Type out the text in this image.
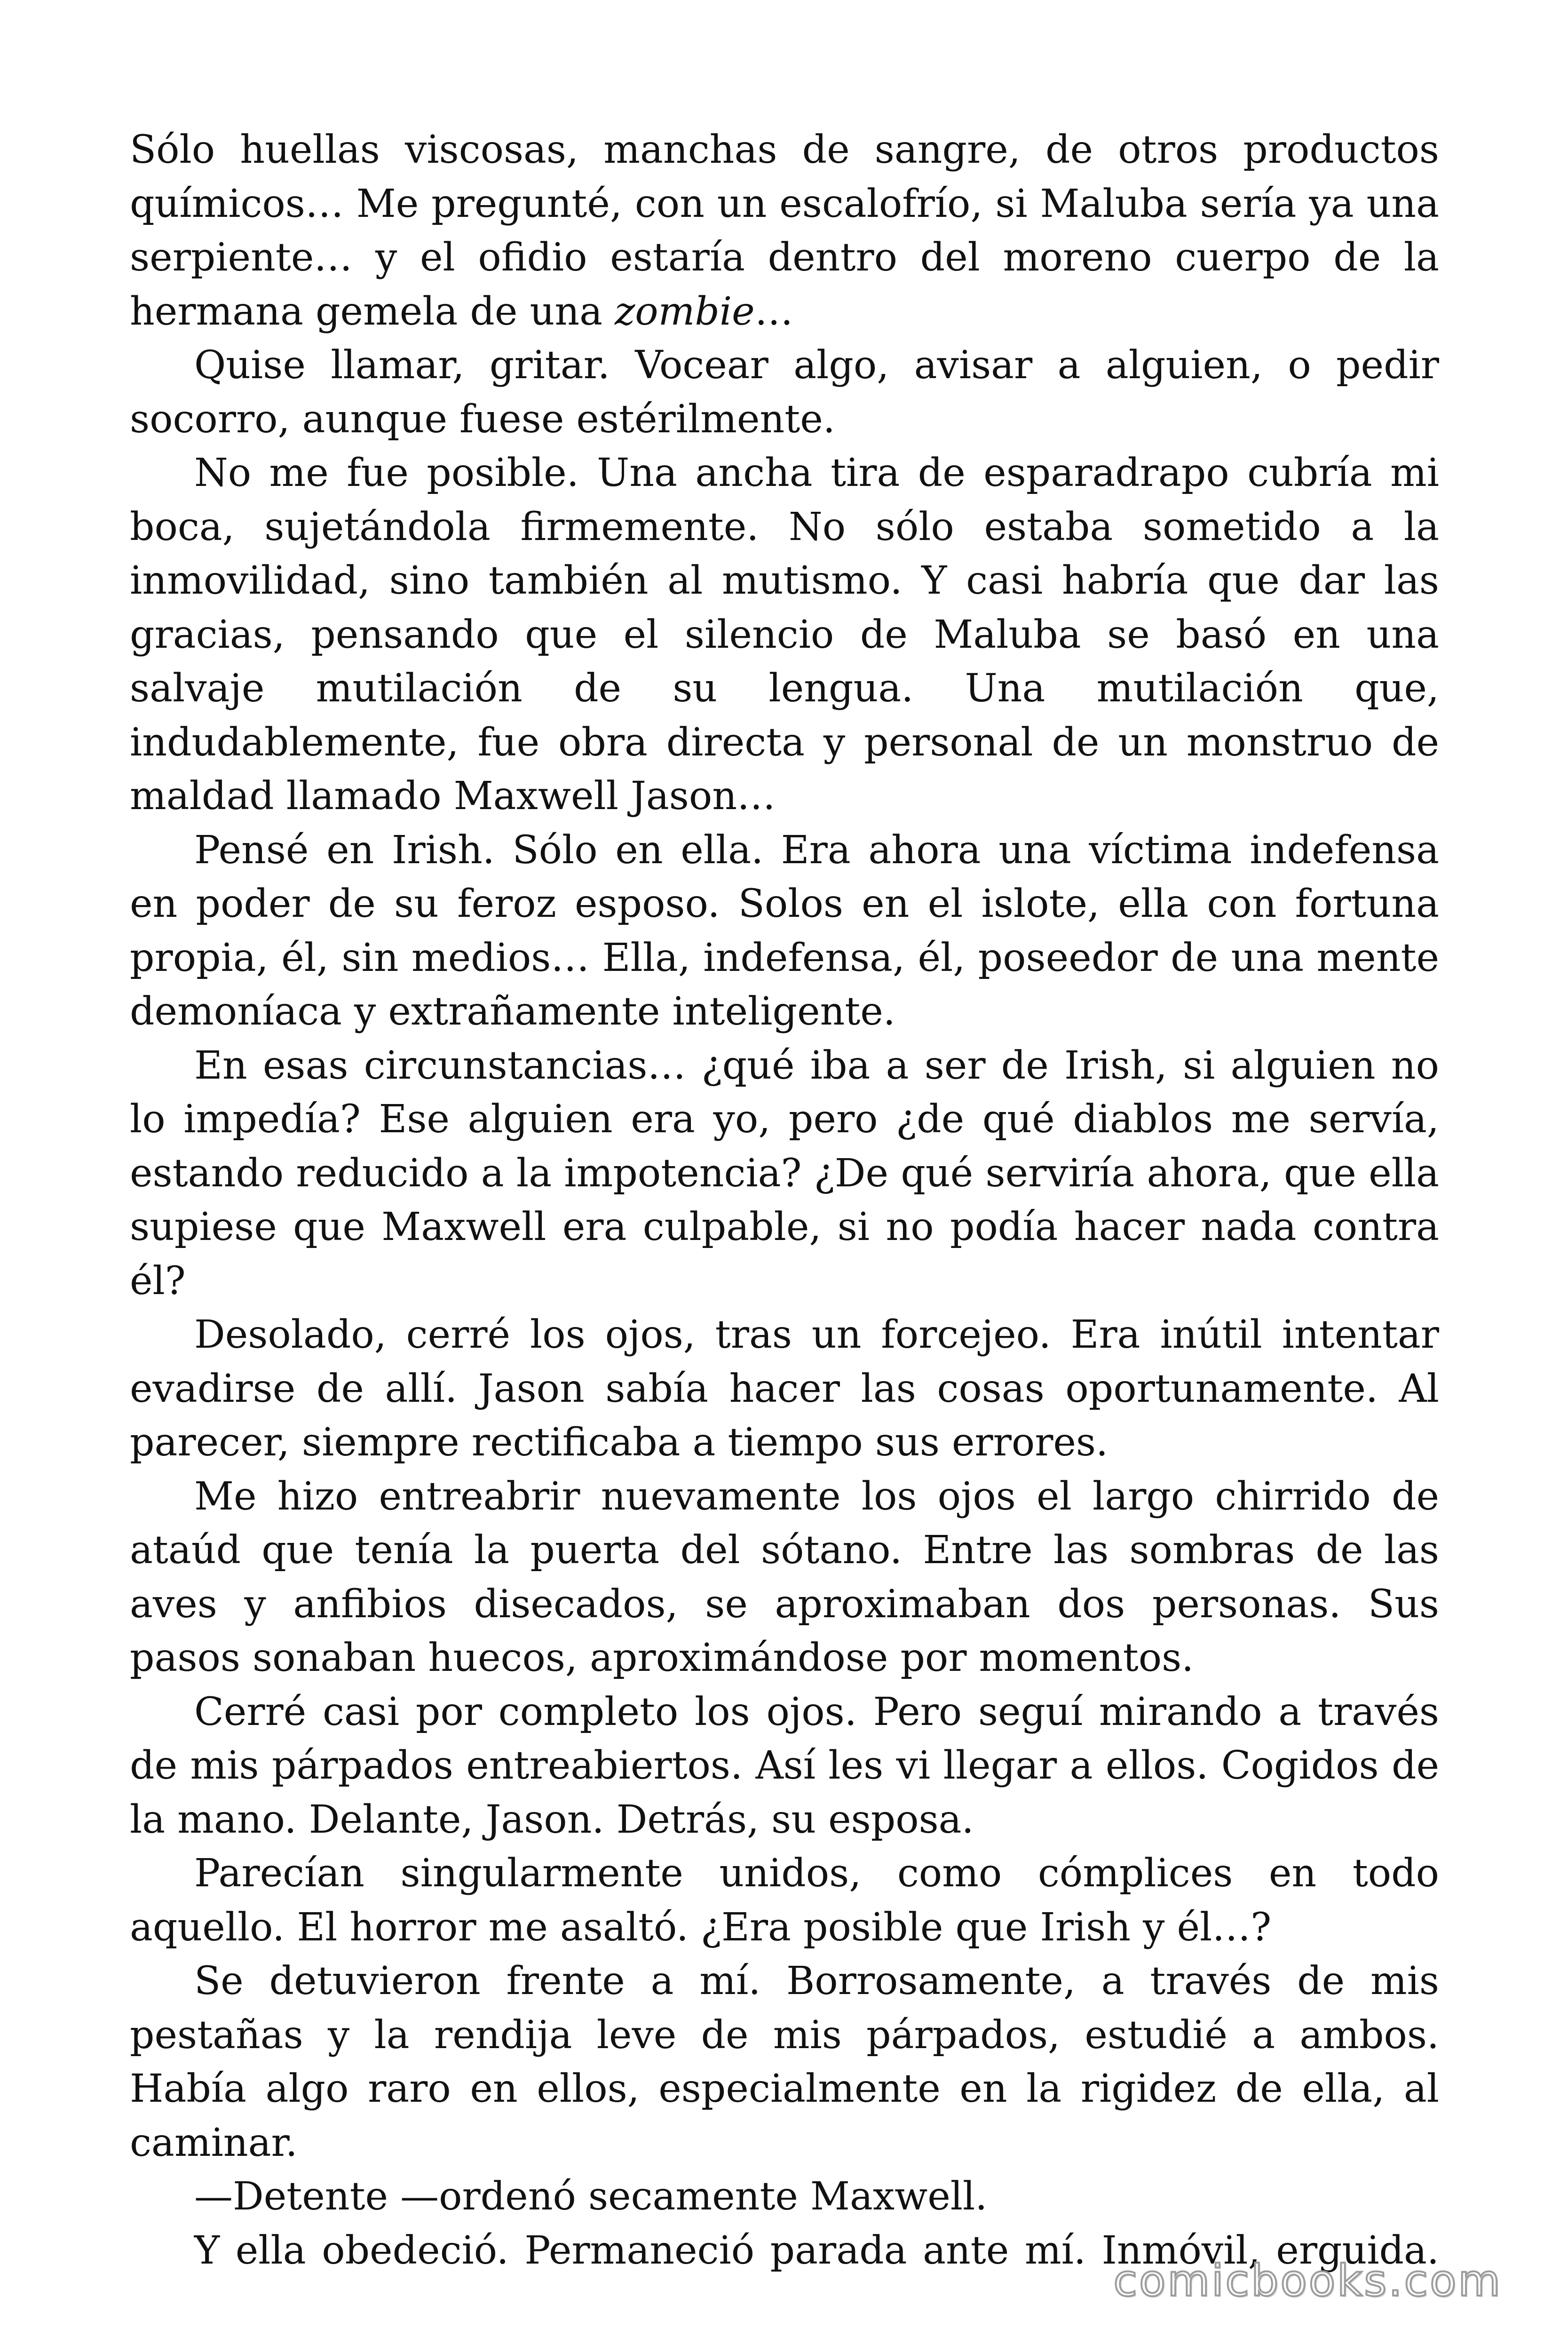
Sólo huellas viscosas, manchas de sangre, de otros productos químicos… Me pregunté, con un escalofrío, si Maluba sería ya una serpiente… y el ofidio estaría dentro del moreno cuerpo de la hermana gemela de una zombie…

Quise llamar, gritar. Vocear algo, avisar a alguien, o pedir socorro, aunque fuese estérilmente.

No me fue posible. Una ancha tira de esparadrapo cubría mi boca, sujetándola firmemente. No sólo estaba sometido a la inmovilidad, sino también al mutismo. Y casi habría que dar las gracias, pensando que el silencio de Maluba se basó en una salvaje mutilación de su lengua. Una mutilación que, indudablemente, fue obra directa y personal de un monstruo de maldad llamado Maxwell Jason…

Pensé en Irish. Sólo en ella. Era ahora una víctima indefensa en poder de su feroz esposo. Solos en el islote, ella con fortuna propia, él, sin medios… Ella, indefensa, él, poseedor de una mente demoníaca y extrañamente inteligente.

En esas circunstancias… ¿qué iba a ser de Irish, si alguien no lo impedía? Ese alguien era yo, pero ¿de qué diablos me servía, estando reducido a la impotencia? ¿De qué serviría ahora, que ella supiese que Maxwell era culpable, si no podía hacer nada contra él?

Desolado, cerré los ojos, tras un forcejeo. Era inútil intentar evadirse de allí. Jason sabía hacer las cosas oportunamente. Al parecer, siempre rectificaba a tiempo sus errores.

Me hizo entreabrir nuevamente los ojos el largo chirrido de ataúd que tenía la puerta del sótano. Entre las sombras de las aves y anfibios disecados, se aproximaban dos personas. Sus pasos sonaban huecos, aproximándose por momentos.

Cerré casi por completo los ojos. Pero seguí mirando a través de mis párpados entreabiertos. Así les vi llegar a ellos. Cogidos de la mano. Delante, Jason. Detrás, su esposa.

Parecían singularmente unidos, como cómplices en todo aquello. El horror me asaltó. ¿Era posible que Irish y él…?

Se detuvieron frente a mí. Borrosamente, a través de mis pestañas y la rendija leve de mis párpados, estudié a ambos. Había algo raro en ellos, especialmente en la rigidez de ella, al caminar.

—Detente —ordenó secamente Maxwell.

Y ella obedeció. Permaneció parada ante mí. Inmóvil, erguida.

comicbooks.com
